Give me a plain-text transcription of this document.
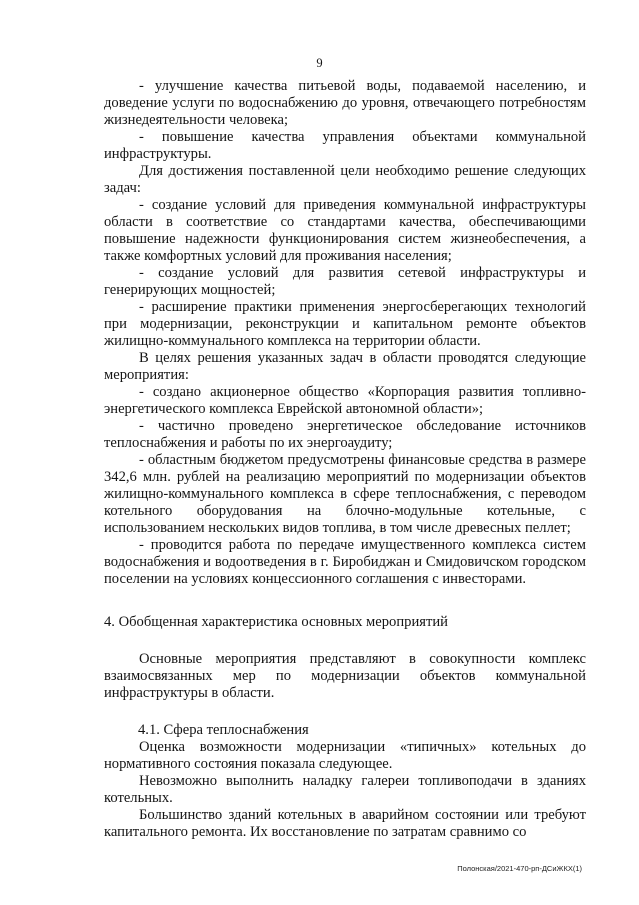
9

- улучшение качества питьевой воды, подаваемой населению, и доведение услуги по водоснабжению до уровня, отвечающего потребностям жизнедеятельности человека;

- повышение качества управления объектами коммунальной инфраструктуры.

Для достижения поставленной цели необходимо решение следующих задач:

- создание условий для приведения коммунальной инфраструктуры области в соответствие со стандартами качества, обеспечивающими повышение надежности функционирования систем жизнеобеспечения, а также комфортных условий для проживания населения;

- создание условий для развития сетевой инфраструктуры и генерирующих мощностей;

- расширение практики применения энергосберегающих технологий при модернизации, реконструкции и капитальном ремонте объектов жилищно-коммунального комплекса на территории области.

В целях решения указанных задач в области проводятся следующие мероприятия:

- создано акционерное общество «Корпорация развития топливно-энергетического комплекса Еврейской автономной области»;

- частично проведено энергетическое обследование источников теплоснабжения и работы по их энергоаудиту;

- областным бюджетом предусмотрены финансовые средства в размере 342,6 млн. рублей на реализацию мероприятий по модернизации объектов жилищно-коммунального комплекса в сфере теплоснабжения, с переводом котельного оборудования на блочно-модульные котельные, с использованием нескольких видов топлива, в том числе древесных пеллет;

- проводится работа по передаче имущественного комплекса систем водоснабжения и водоотведения в г. Биробиджан и Смидовичском городском поселении на условиях концессионного соглашения с инвесторами.

4. Обобщенная характеристика основных мероприятий

Основные мероприятия представляют в совокупности комплекс взаимосвязанных мер по модернизации объектов коммунальной инфраструктуры в области.

4.1. Сфера теплоснабжения

Оценка возможности модернизации «типичных» котельных до нормативного состояния показала следующее.

Невозможно выполнить наладку галереи топливоподачи в зданиях котельных.

Большинство зданий котельных в аварийном состоянии или требуют капитального ремонта. Их восстановление по затратам сравнимо со

Полонская/2021-470-рп-ДСиЖКХ(1)
